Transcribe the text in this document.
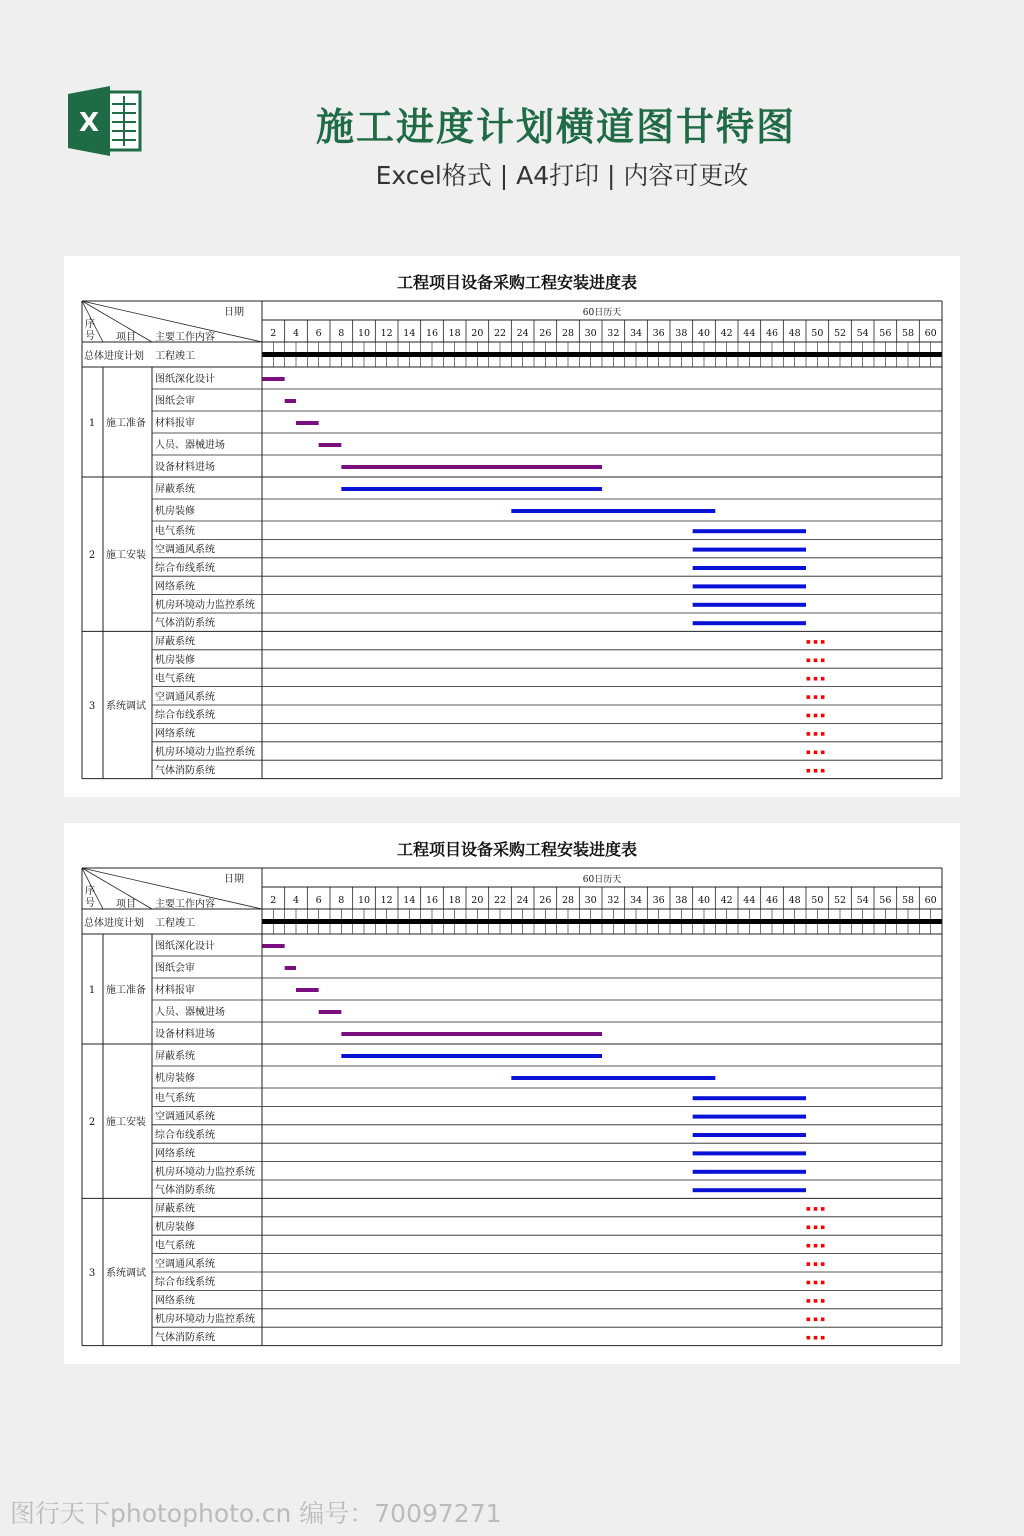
X	施工进度计划横道图甘特图
Excel格式 | A4打印 | 内容可更改
工程项目设备采购工程安装进度表
日期
序
号 项目 主要工作内容
60日历天
2 4 6 8 10 12 14 16 18 20 22 24 26 28 30 32 34 36 38 40 42 44 46 48 50 52 54 56 58 60
总体进度计划 工程竣工
图纸深化设计
图纸会审
材料报审
人员、器械进场
设备材料进场
1 施工准备
屏蔽系统
机房装修
电气系统
空调通风系统
综合布线系统
网络系统
机房环境动力监控系统
气体消防系统
2 施工安装
屏蔽系统
机房装修
电气系统
空调通风系统
综合布线系统
网络系统
机房环境动力监控系统
气体消防系统
3 系统调试
工程项目设备采购工程安装进度表
日期
序
号 项目 主要工作内容
60日历天
2 4 6 8 10 12 14 16 18 20 22 24 26 28 30 32 34 36 38 40 42 44 46 48 50 52 54 56 58 60
总体进度计划 工程竣工
图纸深化设计
图纸会审
材料报审
人员、器械进场
设备材料进场
1 施工准备
屏蔽系统
机房装修
电气系统
空调通风系统
综合布线系统
网络系统
机房环境动力监控系统
气体消防系统
2 施工安装
屏蔽系统
机房装修
电气系统
空调通风系统
综合布线系统
网络系统
机房环境动力监控系统
气体消防系统
3 系统调试
图行天下photophoto.cn 编号：70097271
